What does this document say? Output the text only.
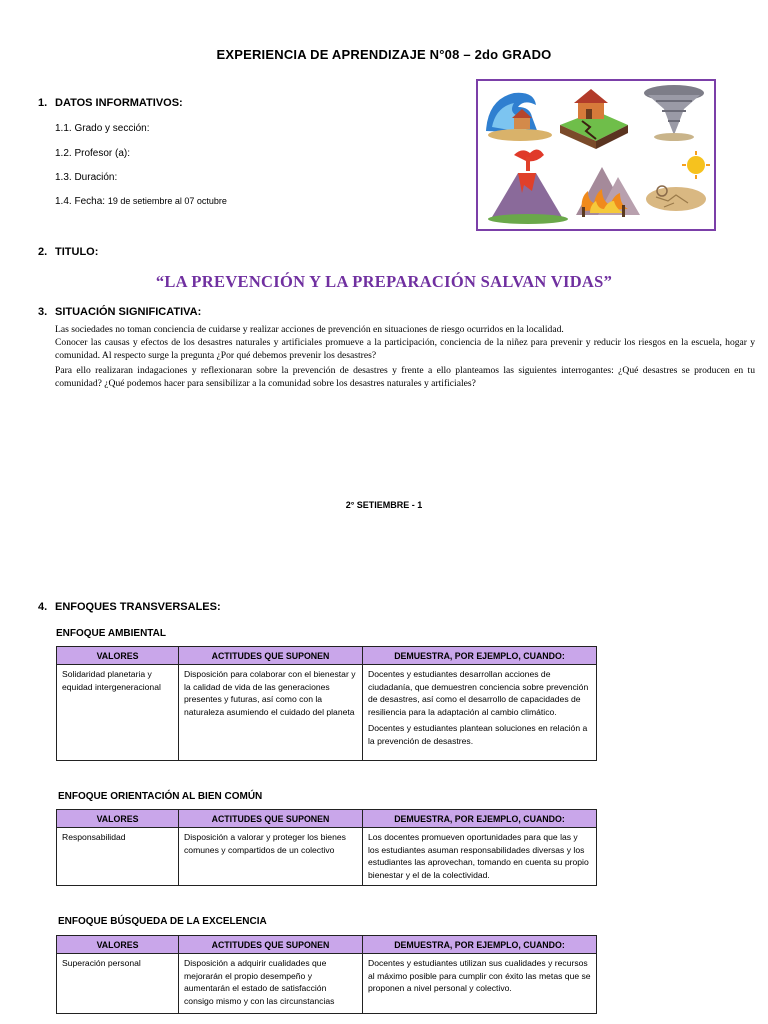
EXPERIENCIA DE APRENDIZAJE N°08 – 2do GRADO
1. DATOS INFORMATIVOS:
1.1. Grado y sección:
1.2. Profesor (a):
1.3. Duración:
1.4. Fecha: 19 de setiembre al 07 octubre
2. TITULO:
“LA PREVENCIÓN Y LA PREPARACIÓN SALVAN VIDAS”
3. SITUACIÓN SIGNIFICATIVA:
Las sociedades no toman conciencia de cuidarse y realizar acciones de prevención en situaciones de riesgo ocurridos en la localidad.
Conocer las causas y efectos de los desastres naturales y artificiales promueve a la participación, conciencia de la niñez para prevenir y reducir los riesgos en la escuela, hogar y comunidad. Al respecto surge la pregunta ¿Por qué debemos prevenir los desastres?
Para ello realizaran indagaciones y reflexionaran sobre la prevención de desastres y frente a ello planteamos las siguientes interrogantes: ¿Qué desastres se producen en tu comunidad? ¿Qué podemos hacer para sensibilizar a la comunidad sobre los desastres naturales y artificiales?
2° SETIEMBRE - 1
4. ENFOQUES TRANSVERSALES:
ENFOQUE AMBIENTAL
VALORES	ACTITUDES QUE SUPONEN	DEMUESTRA, POR EJEMPLO, CUANDO:
Solidaridad planetaria y equidad intergeneracional	Disposición para colaborar con el bienestar y la calidad de vida de las generaciones presentes y futuras, así como con la naturaleza asumiendo el cuidado del planeta	Docentes y estudiantes desarrollan acciones de ciudadanía, que demuestren conciencia sobre prevención de desastres, así como el desarrollo de capacidades de resiliencia para la adaptación al cambio climático.

Docentes y estudiantes plantean soluciones en relación a la prevención de desastres.

ENFOQUE ORIENTACIÓN AL BIEN COMÚN
VALORES	ACTITUDES QUE SUPONEN	DEMUESTRA, POR EJEMPLO, CUANDO:
Responsabilidad	Disposición a valorar y proteger los bienes comunes y compartidos de un colectivo	Los docentes promueven oportunidades para que las y los estudiantes asuman responsabilidades diversas y los estudiantes las aprovechan, tomando en cuenta su propio bienestar y el de la colectividad.

ENFOQUE BÚSQUEDA DE LA EXCELENCIA
VALORES	ACTITUDES QUE SUPONEN	DEMUESTRA, POR EJEMPLO, CUANDO:
Superación personal	Disposición a adquirir cualidades que mejorarán el propio desempeño y aumentarán el estado de satisfacción consigo mismo y con las circunstancias	Docentes y estudiantes utilizan sus cualidades y recursos al máximo posible para cumplir con éxito las metas que se proponen a nivel personal y colectivo.
